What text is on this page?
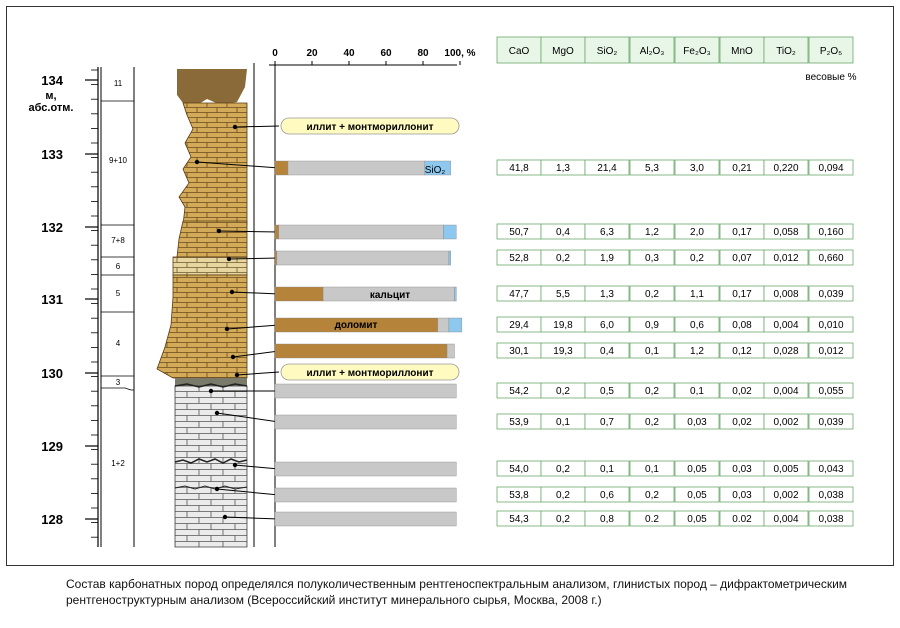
134
133
132
131
130
129
128
м,
абс.отм.
11
9+10
7+8
6
5
4
3
1+2
0	20	40	60	80 100, %
иллит + монтмориллонит
иллит + монтмориллонит
SiO₂
кальцит
доломит
CaO MgO SiO₂ Al₂O₃ Fe₂O₃ MnO TiO₂ P₂O₅
весовые %
41,8	1,3	21,4	5,3	3,0	0,21 0,220 0,094
50,7	0,4	6,3	1,2	2,0	0,17 0,058 0,160
52,8	0,2	1,9	0,3	0,2	0,07 0,012 0,660
47,7	5,5	1,3	0,2	1,1	0,17 0,008 0,039
29,4 19,8	6,0	0,9	0,6	0,08 0,004 0,010
30,1 19,3	0,4	0,1	1,2	0,12 0,028 0,012
54,2	0,2	0,5	0,2	0,1	0,02 0,004 0,055
53,9	0,1	0,7	0,2	0,03	0,02 0,002 0,039
54,0	0,2	0,1	0,1	0,05	0,03 0,005 0,043
53,8	0,2	0,6	0,2	0,05	0,03 0,002 0,038
54,3	0,2	0,8	0.2	0,05	0.02 0,004 0,038
Состав карбонатных пород определялся полуколичественным рентгеноспектральным анализом, глинистых пород – дифрактометрическим рентгеноструктурным анализом (Всероссийский институт минерального сырья, Москва, 2008 г.)
